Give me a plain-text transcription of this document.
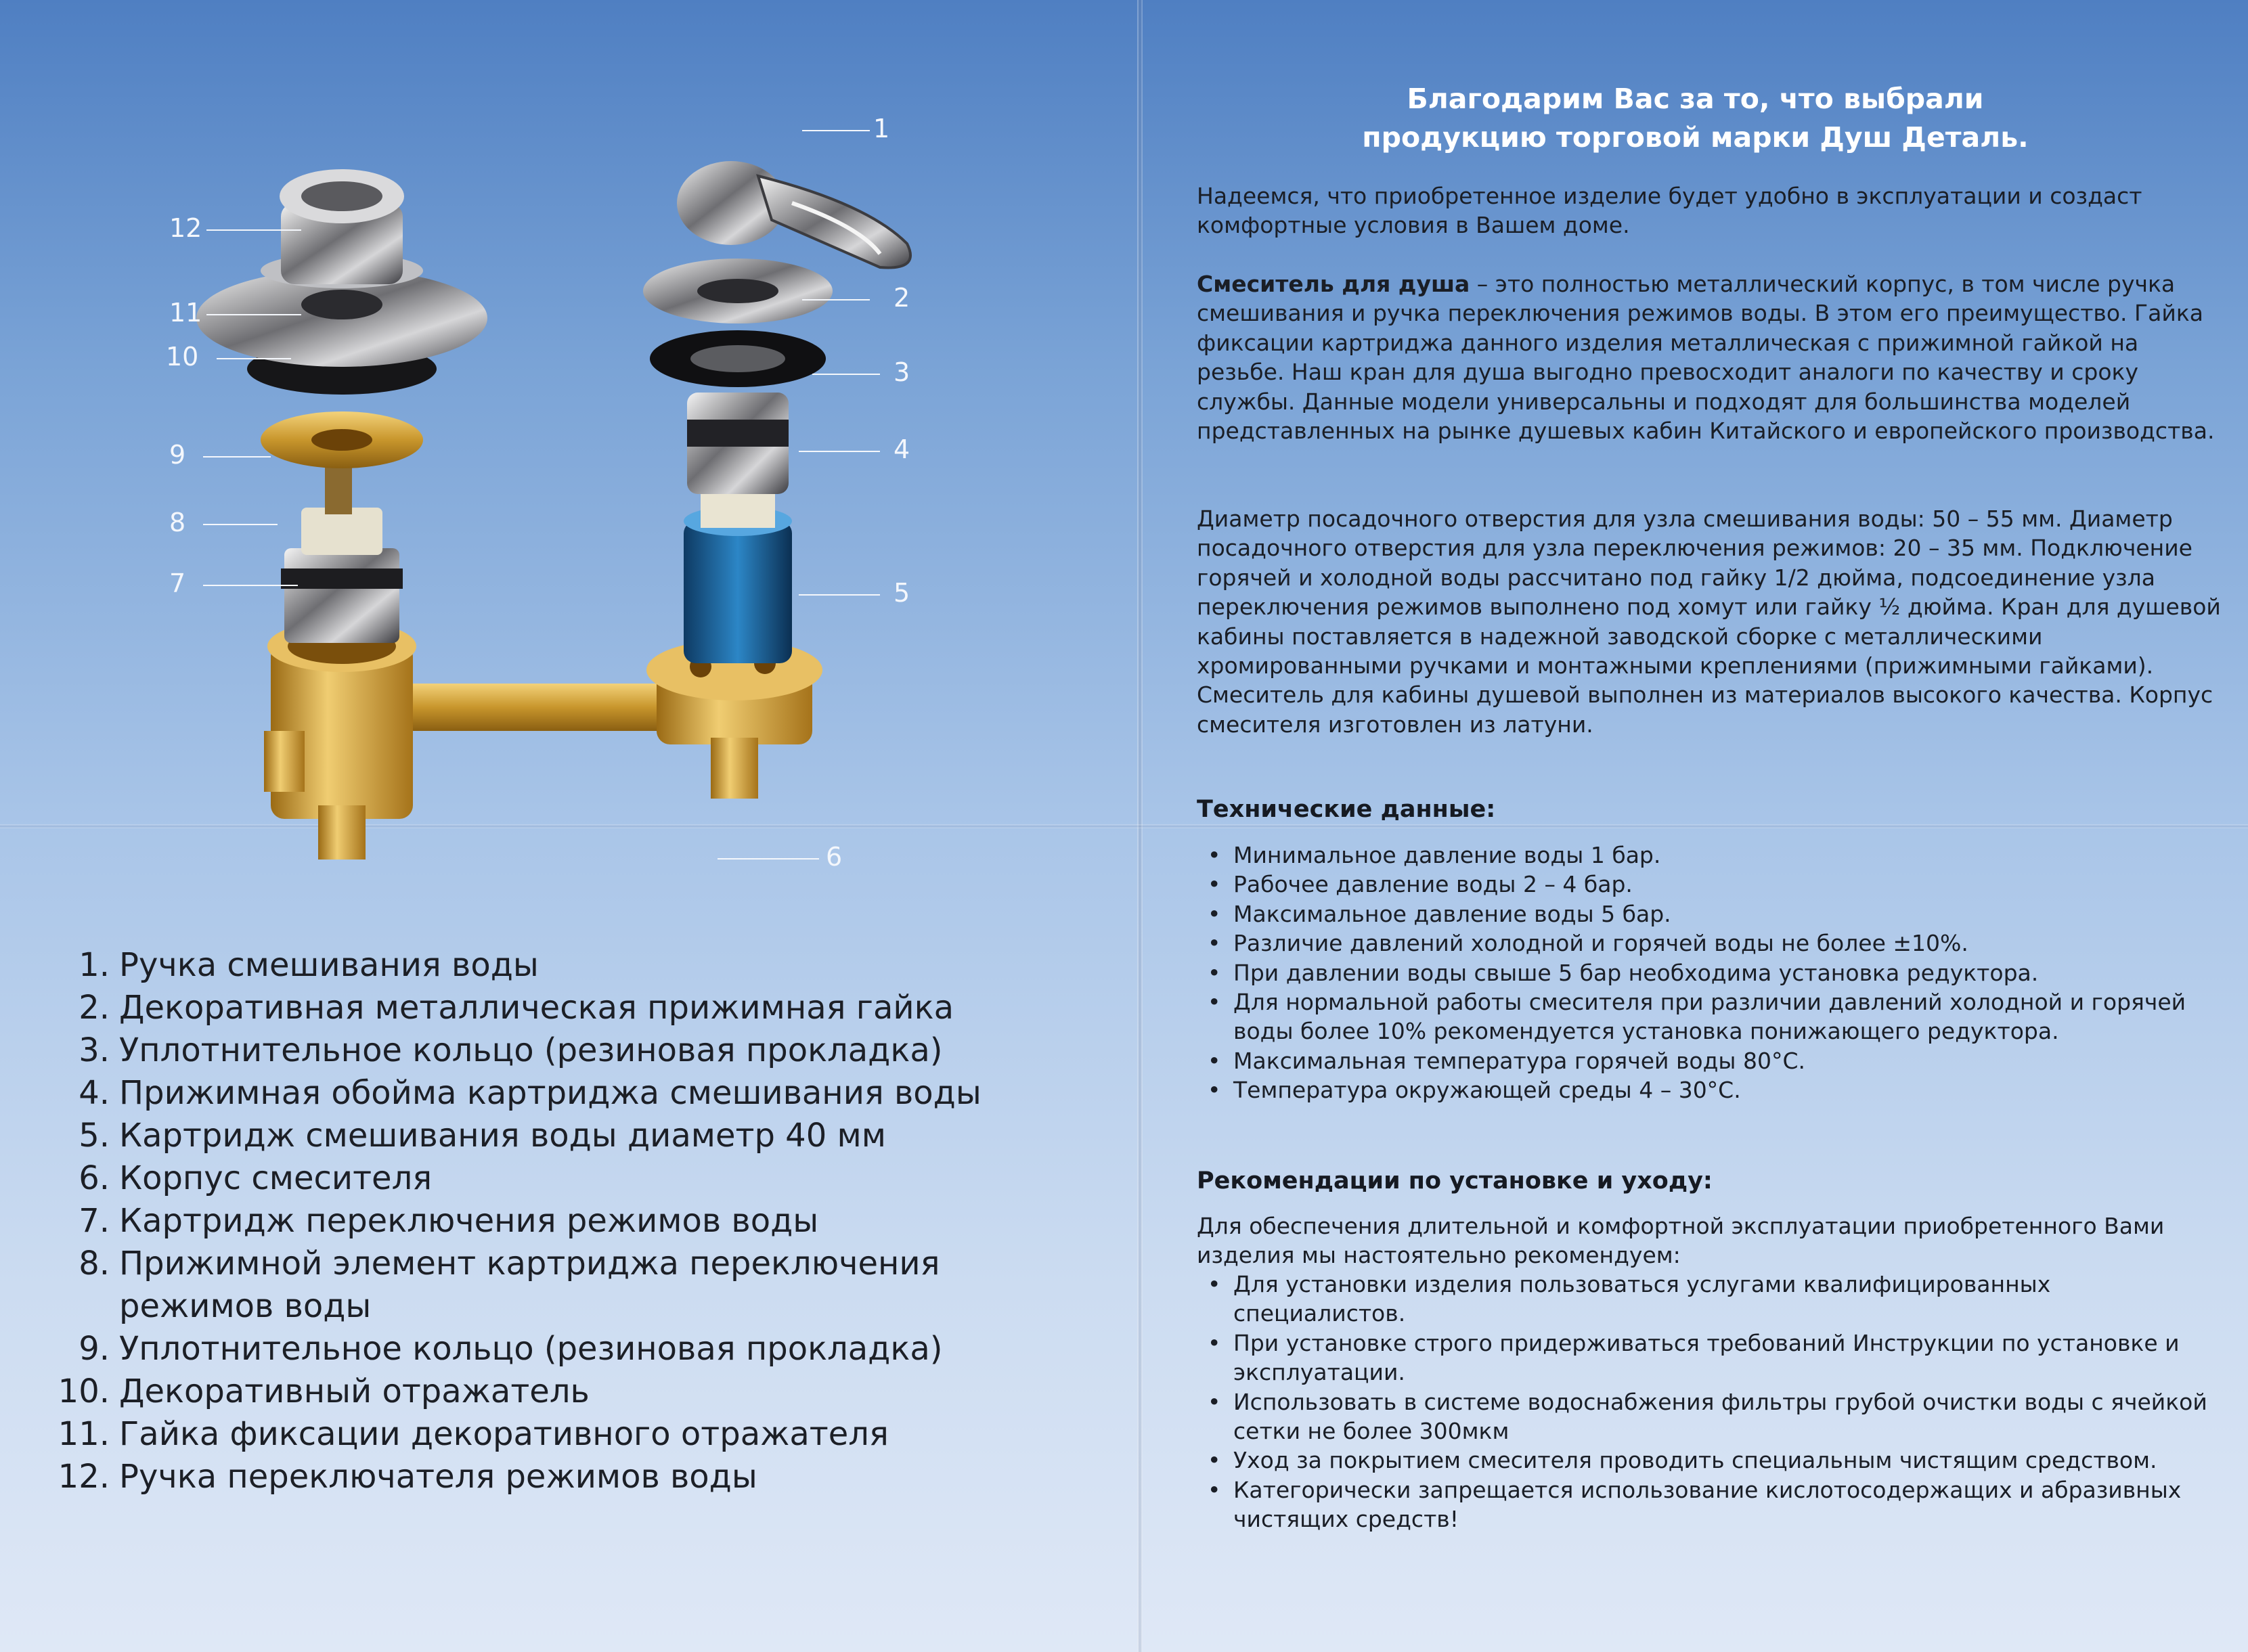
1
2
3
4
5
6
7
8
9
10
11
12
1. Ручка смешивания воды
2. Декоративная металлическая прижимная гайка
3. Уплотнительное кольцо (резиновая прокладка)
4. Прижимная обойма картриджа смешивания воды
5. Картридж смешивания воды диаметр 40 мм
6. Корпус смесителя
7. Картридж переключения режимов воды
8. Прижимной элемент картриджа переключения режимов воды
9. Уплотнительное кольцо (резиновая прокладка)
10. Декоративный отражатель
11. Гайка фиксации декоративного отражателя
12. Ручка переключателя режимов воды
Благодарим Вас за то, что выбрали
продукцию торговой марки Душ Деталь.

Надеемся, что приобретенное изделие будет удобно в эксплуатации и создаст комфортные условия в Вашем доме.

Смеситель для душа – это полностью металлический корпус, в том числе ручка смешивания и ручка переключения режимов воды. В этом его преимущество. Гайка фиксации картриджа данного изделия металлическая с прижимной гайкой на резьбе. Наш кран для душа выгодно превосходит аналоги по качеству и сроку службы. Данные модели универсальны и подходят для большинства моделей представленных на рынке душевых кабин Китайского и европейского производства.

Диаметр посадочного отверстия для узла смешивания воды: 50 – 55 мм. Диаметр посадочного отверстия для узла переключения режимов: 20 – 35 мм. Подключение горячей и холодной воды рассчитано под гайку 1/2 дюйма, подсоединение узла переключения режимов выполнено под хомут или гайку ½ дюйма. Кран для душевой кабины поставляется в надежной заводской сборке с металлическими хромированными ручками и монтажными креплениями (прижимными гайками). Смеситель для кабины душевой выполнен из материалов высокого качества. Корпус смесителя изготовлен из латуни.

Технические данные:
• Минимальное давление воды 1 бар.
• Рабочее давление воды 2 – 4 бар.
• Максимальное давление воды 5 бар.
• Различие давлений холодной и горячей воды не более ±10%.
• При давлении воды свыше 5 бар необходима установка редуктора.
• Для нормальной работы смесителя при различии давлений холодной и горячей воды более 10% рекомендуется установка понижающего редуктора.
• Максимальная температура горячей воды 80°С.
• Температура окружающей среды 4 – 30°С.
Рекомендации по установке и уходу:

Для обеспечения длительной и комфортной эксплуатации приобретенного Вами изделия мы настоятельно рекомендуем:

• Для установки изделия пользоваться услугами квалифицированных специалистов.
• При установке строго придерживаться требований Инструкции по установке и эксплуатации.
• Использовать в системе водоснабжения фильтры грубой очистки воды с ячейкой сетки не более 300мкм
• Уход за покрытием смесителя проводить специальным чистящим средством.
• Категорически запрещается использование кислотосодержащих и абразивных чистящих средств!
